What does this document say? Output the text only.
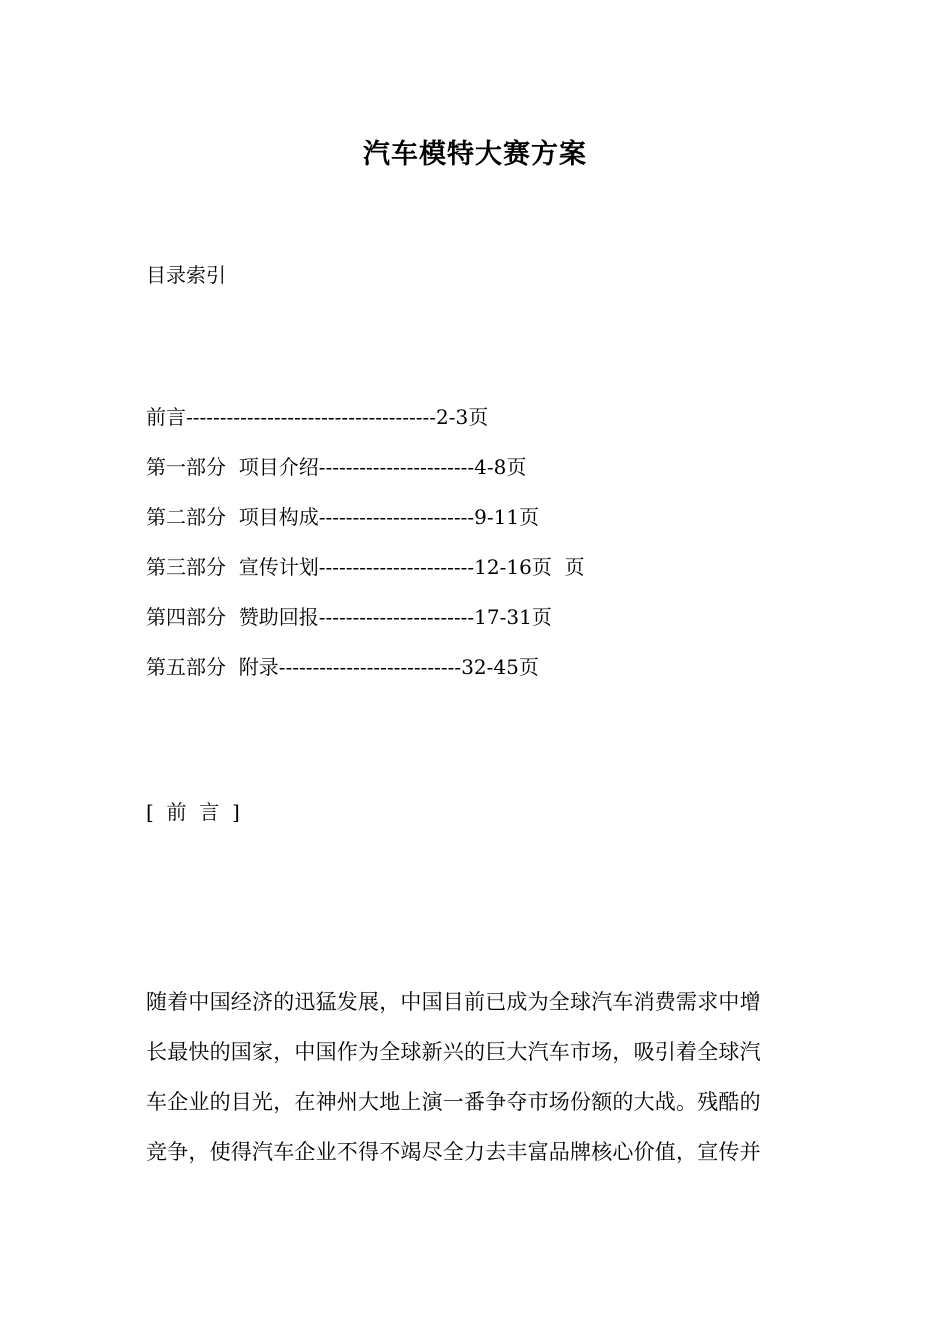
汽车模特大赛方案
目录索引
前言-------------------------------------2-3页
第一部分  项目介绍-----------------------4-8页
第二部分  项目构成-----------------------9-11页
第三部分  宣传计划-----------------------12-16页  页
第四部分  赞助回报-----------------------17-31页
第五部分  附录---------------------------32-45页
[  前  言  ]
随着中国经济的迅猛发展，中国目前已成为全球汽车消费需求中增
长最快的国家，中国作为全球新兴的巨大汽车市场，吸引着全球汽
车企业的目光，在神州大地上演一番争夺市场份额的大战。残酷的
竞争，使得汽车企业不得不竭尽全力去丰富品牌核心价值，宣传并
